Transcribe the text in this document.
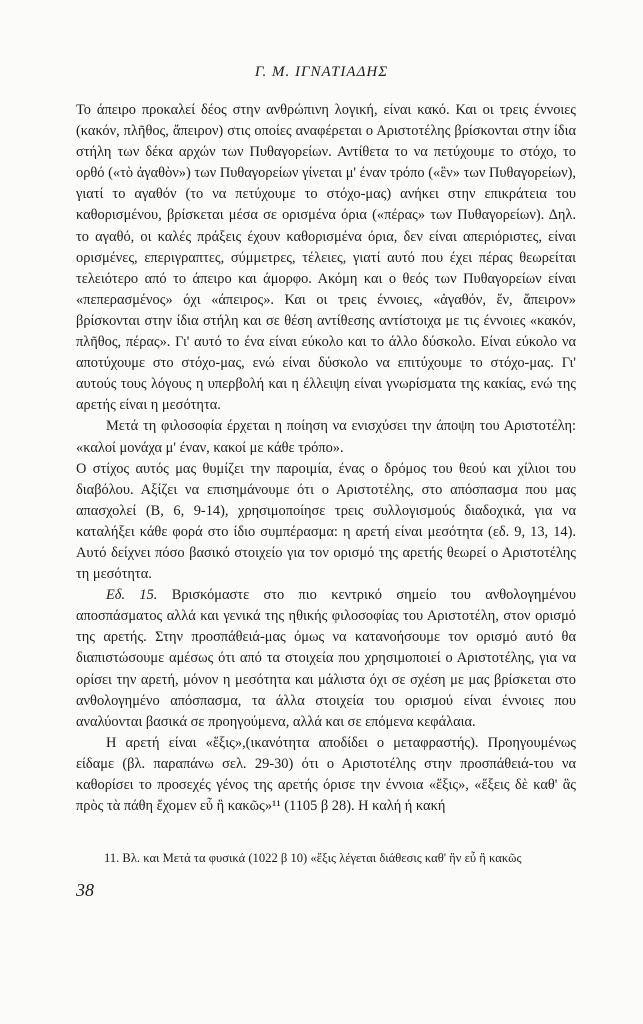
Γ. Μ. ΙΓΝΑΤΙΑΔΗΣ

Το άπειρο προκαλεί δέος στην ανθρώπινη λογική, είναι κακό. Και οι τρεις έννοιες (κακόν, πλῆθος, ἄπειρον) στις οποίες αναφέρεται ο Αριστοτέλης βρίσκονται στην ίδια στήλη των δέκα αρχών των Πυθαγορείων. Αντίθετα το να πετύχουμε το στόχο, το ορθό («τὸ ἀγαθὸν») των Πυθαγορείων γίνεται μ' έναν τρόπο («ἓν» των Πυθαγορείων), γιατί το αγαθόν (το να πετύχουμε το στόχο-μας) ανήκει στην επικράτεια του καθορισμένου, βρίσκεται μέσα σε ορισμένα όρια («πέρας» των Πυθαγορείων). Δηλ. το αγαθό, οι καλές πράξεις έχουν καθορισμένα όρια, δεν είναι απεριόριστες, είναι ορισμένες, επεριγραπτες, σύμμετρες, τέλειες, γιατί αυτό που έχει πέρας θεωρείται τελειότερο από το άπειρο και άμορφο. Ακόμη και ο θεός των Πυθαγορείων είναι «πεπερασμένος» όχι «άπειρος». Και οι τρεις έννοιες, «ἀγαθόν, ἕν, ἄπειρον» βρίσκονται στην ίδια στήλη και σε θέση αντίθεσης αντίστοιχα με τις έννοιες «κακόν, πλῆθος, πέρας». Γι' αυτό το ένα είναι εύκολο και το άλλο δύσκολο. Είναι εύκολο να αποτύχουμε στο στόχο-μας, ενώ είναι δύσκολο να επιτύχουμε το στόχο-μας. Γι' αυτούς τους λόγους η υπερβολή και η έλλειψη είναι γνωρίσματα της κακίας, ενώ της αρετής είναι η μεσότητα.

Μετά τη φιλοσοφία έρχεται η ποίηση να ενισχύσει την άποψη του Αριστοτέλη: «καλοί μονάχα μ' έναν, κακοί με κάθε τρόπο».

Ο στίχος αυτός μας θυμίζει την παροιμία, ένας ο δρόμος του θεού και χίλιοι του διαβόλου. Αξίζει να επισημάνουμε ότι ο Αριστοτέλης, στο απόσπασμα που μας απασχολεί (Β, 6, 9-14), χρησιμοποίησε τρεις συλλογισμούς διαδοχικά, για να καταλήξει κάθε φορά στο ίδιο συμπέρασμα: η αρετή είναι μεσότητα (εδ. 9, 13, 14). Αυτό δείχνει πόσο βασικό στοιχείο για τον ορισμό της αρετής θεωρεί ο Αριστοτέλης τη μεσότητα.

Εδ. 15. Βρισκόμαστε στο πιο κεντρικό σημείο του ανθολογημένου αποσπάσματος αλλά και γενικά της ηθικής φιλοσοφίας του Αριστοτέλη, στον ορισμό της αρετής. Στην προσπάθειά-μας όμως να κατανοήσουμε τον ορισμό αυτό θα διαπιστώσουμε αμέσως ότι από τα στοιχεία που χρησιμοποιεί ο Αριστοτέλης, για να ορίσει την αρετή, μόνον η μεσότητα και μάλιστα όχι σε σχέση με μας βρίσκεται στο ανθολογημένο απόσπασμα, τα άλλα στοιχεία του ορισμού είναι έννοιες που αναλύονται βασικά σε προηγούμενα, αλλά και σε επόμενα κεφάλαια.

Η αρετή είναι «ἕξις»,(ικανότητα αποδίδει ο μεταφραστής). Προηγουμένως είδαμε (βλ. παραπάνω σελ. 29-30) ότι ο Αριστοτέλης στην προσπάθειά-του να καθορίσει το προσεχές γένος της αρετής όρισε την έννοια «ἕξις», «ἕξεις δὲ καθ' ἃς πρὸς τὰ πάθη ἔχομεν εὖ ἢ κακῶς»¹¹ (1105 β 28). Η καλή ή κακή

11. Βλ. και Μετά τα φυσικά (1022 β 10) «ἕξις λέγεται διάθεσις καθ' ἣν εὖ ἢ κακῶς
38
